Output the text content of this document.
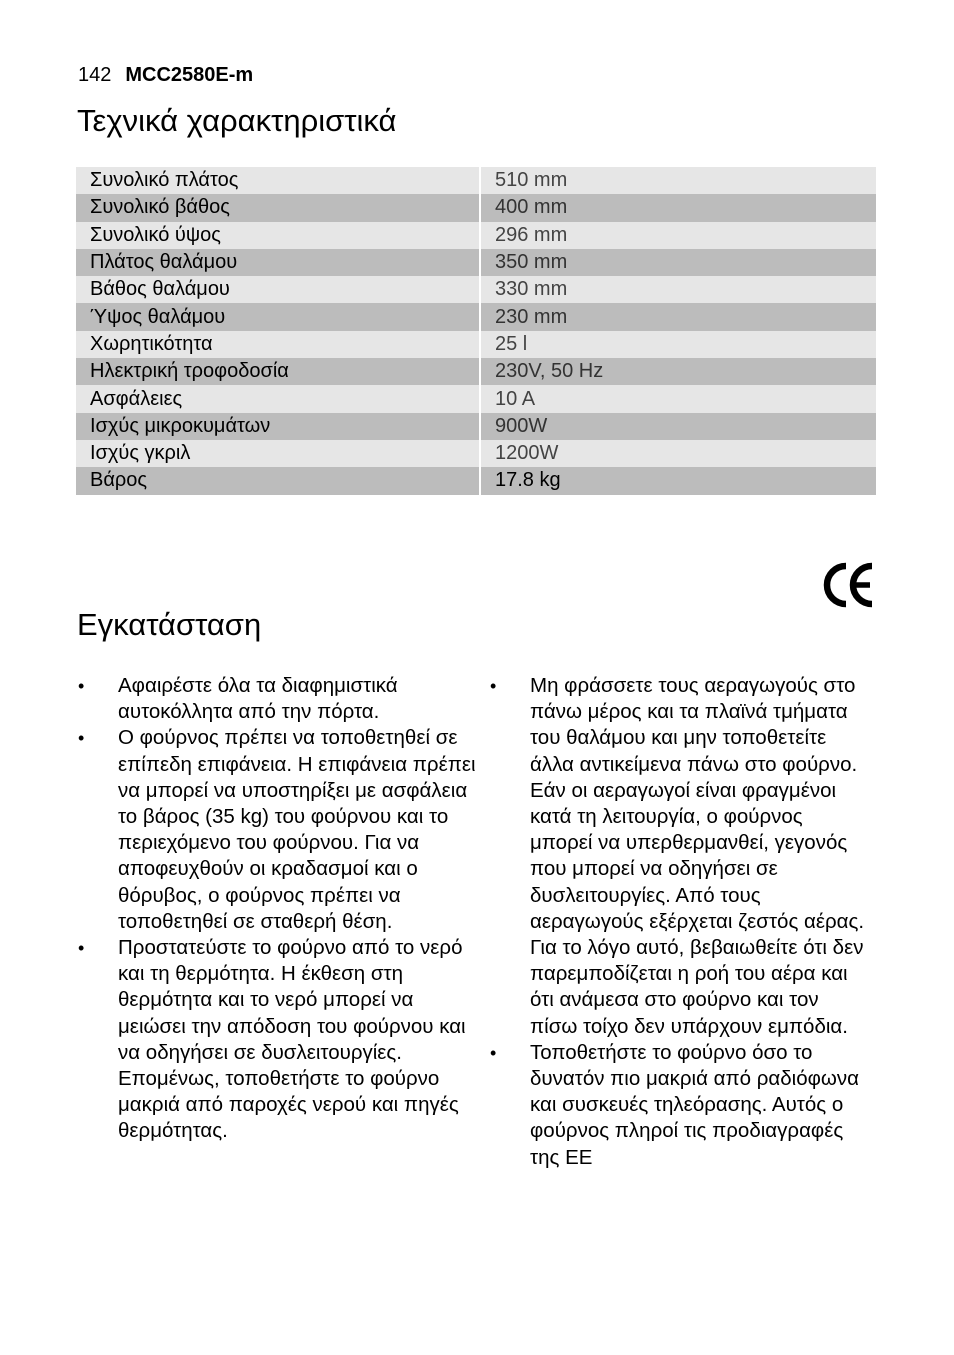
142 MCC2580E-m
Τεχνικά χαρακτηριστικά
Συνολικό πλάτος	510 mm
Συνολικό βάθος	400 mm
Συνολικό ύψος	296 mm
Πλάτος θαλάμου	350 mm
Βάθος θαλάμου	330 mm
Ύψος θαλάμου	230 mm
Χωρητικότητα	25 l
Ηλεκτρική τροφοδοσία	230V, 50 Hz
Ασφάλειες	10 A
Ισχύς μικροκυμάτων	900W
Ισχύς γκριλ	1200W
Βάρος	17.8 kg
Εγκατάσταση
• Αφαιρέστε όλα τα διαφημιστικά αυτοκόλλητα από την πόρτα.
• Ο φούρνος πρέπει να τοποθετηθεί σε επίπεδη επιφάνεια. Η επιφάνεια πρέπει να μπορεί να υποστηρίξει με ασφάλεια το βάρος (35 kg) του φούρνου και το περιεχόμενο του φούρνου. Για να αποφευχθούν οι κραδασμοί και ο θόρυβος, ο φούρνος πρέπει να τοποθετηθεί σε σταθερή θέση.
• Προστατεύστε το φούρνο από το νερό και τη θερμότητα. Η έκθεση στη θερμότητα και το νερό μπορεί να μειώσει την απόδοση του φούρνου και να οδηγήσει σε δυσλειτουργίες. Επομένως, τοποθετήστε το φούρνο μακριά από παροχές νερού και πηγές θερμότητας.
• Μη φράσσετε τους αεραγωγούς στο πάνω μέρος και τα πλαϊνά τμήματα του θαλάμου και μην τοποθετείτε άλλα αντικείμενα πάνω στο φούρνο. Εάν οι αεραγωγοί είναι φραγμένοι κατά τη λειτουργία, ο φούρνος μπορεί να υπερθερμανθεί, γεγονός που μπορεί να οδηγήσει σε δυσλειτουργίες. Από τους αεραγωγούς εξέρχεται ζεστός αέρας. Για το λόγο αυτό, βεβαιωθείτε ότι δεν παρεμποδίζεται η ροή του αέρα και ότι ανάμεσα στο φούρνο και τον πίσω τοίχο δεν υπάρχουν εμπόδια.
• Τοποθετήστε το φούρνο όσο το δυνατόν πιο μακριά από ραδιόφωνα και συσκευές τηλεόρασης. Αυτός ο φούρνος πληροί τις προδιαγραφές της ΕΕ
